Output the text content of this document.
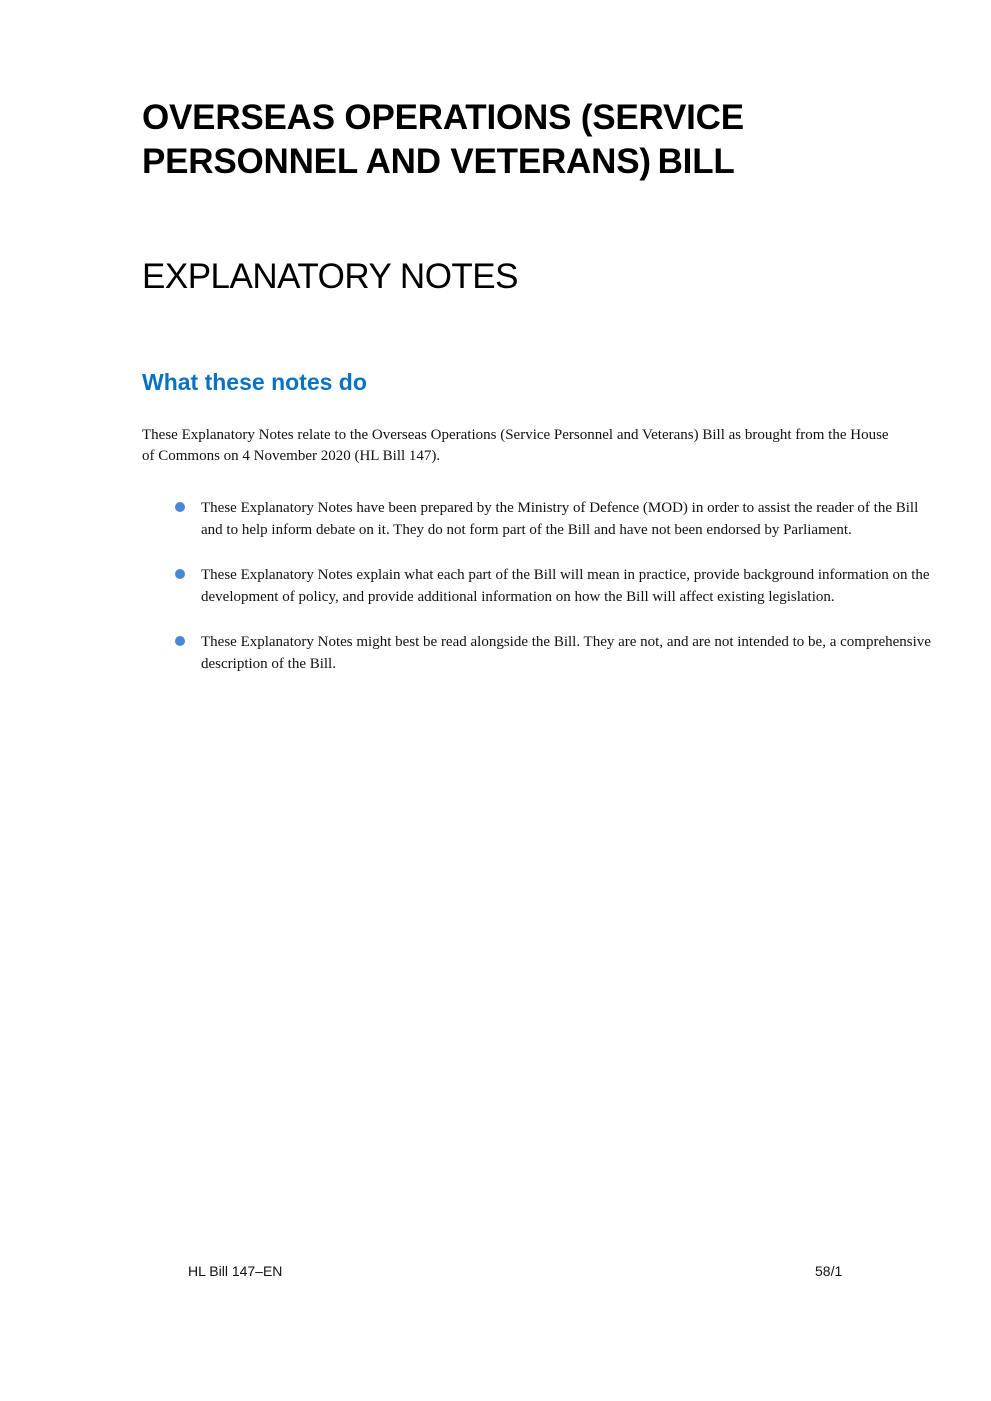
OVERSEAS OPERATIONS (SERVICE
PERSONNEL AND VETERANS) BILL
EXPLANATORY NOTES
What these notes do

These Explanatory Notes relate to the Overseas Operations (Service Personnel and Veterans) Bill as brought from the House of Commons on 4 November 2020 (HL Bill 147).

These Explanatory Notes have been prepared by the Ministry of Defence (MOD) in order to assist the reader of the Bill and to help inform debate on it. They do not form part of the Bill and have not been endorsed by Parliament.
These Explanatory Notes explain what each part of the Bill will mean in practice, provide background information on the development of policy, and provide additional information on how the Bill will affect existing legislation.
These Explanatory Notes might best be read alongside the Bill. They are not, and are not intended to be, a comprehensive description of the Bill.
HL Bill 147–EN	58/1
